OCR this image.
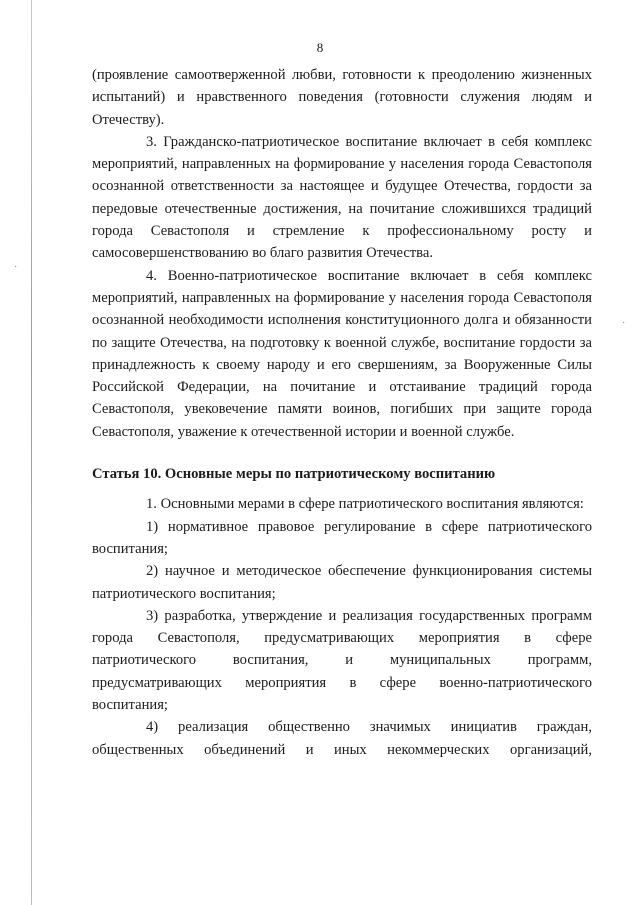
8

(проявление самоотверженной любви, готовности к преодолению жизненных испытаний) и нравственного поведения (готовности служения людям и Отечеству).

3. Гражданско-патриотическое воспитание включает в себя комплекс мероприятий, направленных на формирование у населения города Севастополя осознанной ответственности за настоящее и будущее Отечества, гордости за передовые отечественные достижения, на почитание сложившихся традиций города Севастополя и стремление к профессиональному росту и самосовершенствованию во благо развития Отечества.

4. Военно-патриотическое воспитание включает в себя комплекс мероприятий, направленных на формирование у населения города Севастополя осознанной необходимости исполнения конституционного долга и обязанности по защите Отечества, на подготовку к военной службе, воспитание гордости за принадлежность к своему народу и его свершениям, за Вооруженные Силы Российской Федерации, на почитание и отстаивание традиций города Севастополя, увековечение памяти воинов, погибших при защите города Севастополя, уважение к отечественной истории и военной службе.

Статья 10. Основные меры по патриотическому воспитанию

1. Основными мерами в сфере патриотического воспитания являются:

1) нормативное правовое регулирование в сфере патриотического воспитания;

2) научное и методическое обеспечение функционирования системы патриотического воспитания;

3) разработка, утверждение и реализация государственных программ города Севастополя, предусматривающих мероприятия в сфере патриотического воспитания, и муниципальных программ, предусматривающих мероприятия в сфере военно-патриотического воспитания;

4) реализация общественно значимых инициатив граждан, общественных объединений и иных некоммерческих организаций,

·
·
